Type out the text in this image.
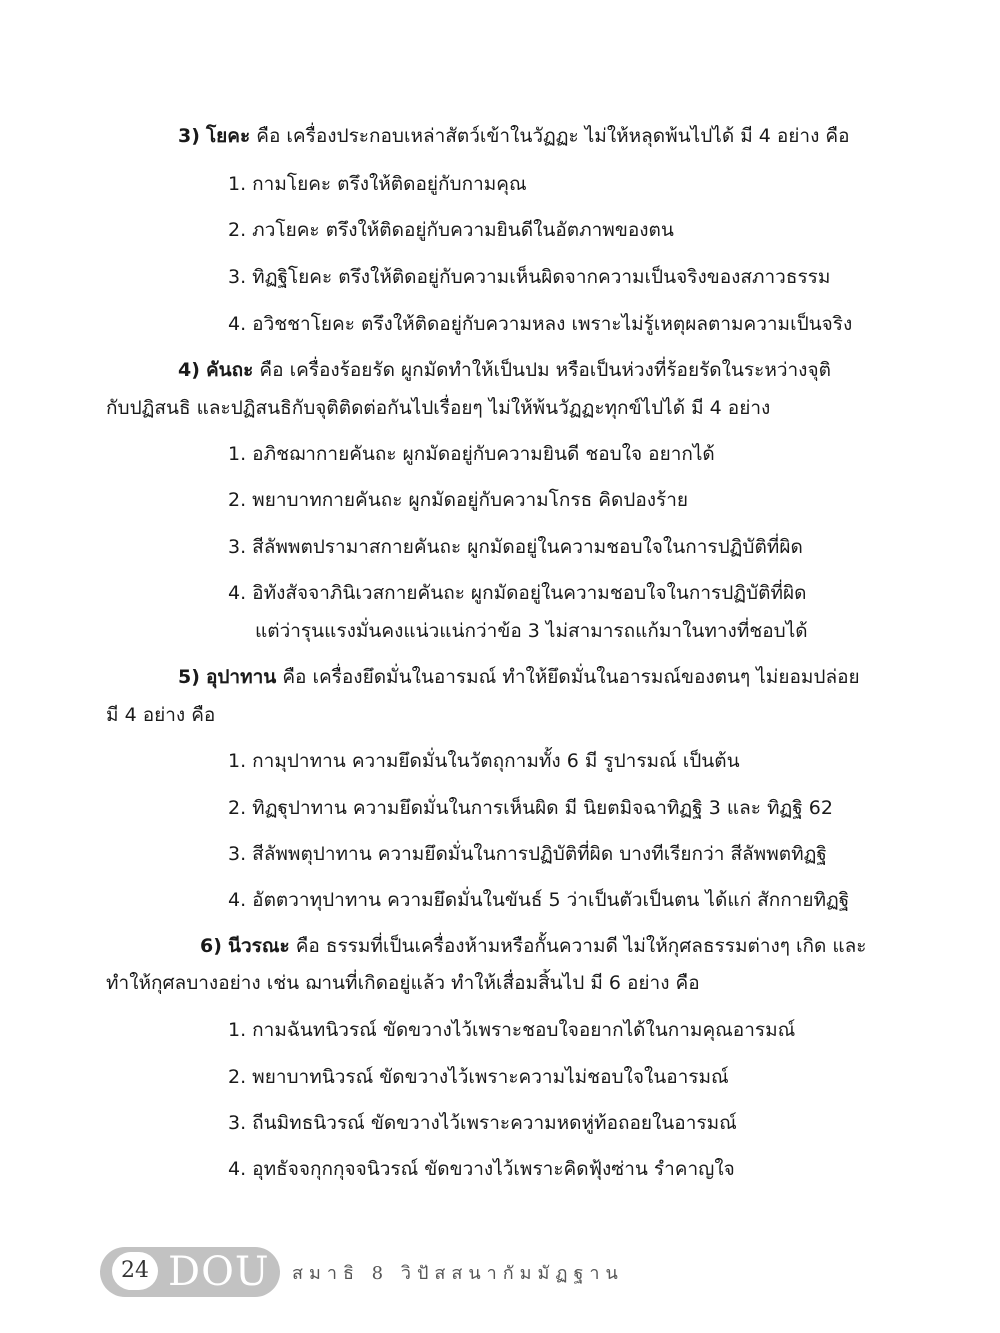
3) โยคะ คือ เครื่องประกอบเหล่าสัตว์เข้าในวัฏฏะ ไม่ให้หลุดพ้นไปได้ มี 4 อย่าง คือ
1. กามโยคะ ตรึงให้ติดอยู่กับกามคุณ
2. ภวโยคะ ตรึงให้ติดอยู่กับความยินดีในอัตภาพของตน
3. ทิฏฐิโยคะ ตรึงให้ติดอยู่กับความเห็นผิดจากความเป็นจริงของสภาวธรรม
4. อวิชชาโยคะ ตรึงให้ติดอยู่กับความหลง เพราะไม่รู้เหตุผลตามความเป็นจริง
4) คันถะ คือ เครื่องร้อยรัด ผูกมัดทำให้เป็นปม หรือเป็นห่วงที่ร้อยรัดในระหว่างจุติ
กับปฏิสนธิ และปฏิสนธิกับจุติติดต่อกันไปเรื่อยๆ ไม่ให้พ้นวัฏฏะทุกข์ไปได้ มี 4 อย่าง
1. อภิชฌากายคันถะ ผูกมัดอยู่กับความยินดี ชอบใจ อยากได้
2. พยาบาทกายคันถะ ผูกมัดอยู่กับความโกรธ คิดปองร้าย
3. สีลัพพตปรามาสกายคันถะ ผูกมัดอยู่ในความชอบใจในการปฏิบัติที่ผิด
4. อิทังสัจจาภินิเวสกายคันถะ ผูกมัดอยู่ในความชอบใจในการปฏิบัติที่ผิด
แต่ว่ารุนแรงมั่นคงแน่วแน่กว่าข้อ 3 ไม่สามารถแก้มาในทางที่ชอบได้
5) อุปาทาน คือ เครื่องยึดมั่นในอารมณ์ ทำให้ยึดมั่นในอารมณ์ของตนๆ ไม่ยอมปล่อย
มี 4 อย่าง คือ
1. กามุปาทาน ความยึดมั่นในวัตถุกามทั้ง 6 มี รูปารมณ์ เป็นต้น
2. ทิฏฐุปาทาน ความยึดมั่นในการเห็นผิด มี นิยตมิจฉาทิฏฐิ 3 และ ทิฏฐิ 62
3. สีลัพพตุปาทาน ความยึดมั่นในการปฏิบัติที่ผิด บางทีเรียกว่า สีลัพพตทิฏฐิ
4. อัตตวาทุปาทาน ความยึดมั่นในขันธ์ 5 ว่าเป็นตัวเป็นตน ได้แก่ สักกายทิฏฐิ
6) นีวรณะ คือ ธรรมที่เป็นเครื่องห้ามหรือกั้นความดี ไม่ให้กุศลธรรมต่างๆ เกิด และ
ทำให้กุศลบางอย่าง เช่น ฌานที่เกิดอยู่แล้ว ทำให้เสื่อมสิ้นไป มี 6 อย่าง คือ
1. กามฉันทนิวรณ์ ขัดขวางไว้เพราะชอบใจอยากได้ในกามคุณอารมณ์
2. พยาบาทนิวรณ์ ขัดขวางไว้เพราะความไม่ชอบใจในอารมณ์
3. ถีนมิทธนิวรณ์ ขัดขวางไว้เพราะความหดหู่ท้อถอยในอารมณ์
4. อุทธัจจกุกกุจจนิวรณ์ ขัดขวางไว้เพราะคิดฟุ้งซ่าน รำคาญใจ
24 DOU สมาธิ 8 วิปัสสนากัมมัฏฐาน
